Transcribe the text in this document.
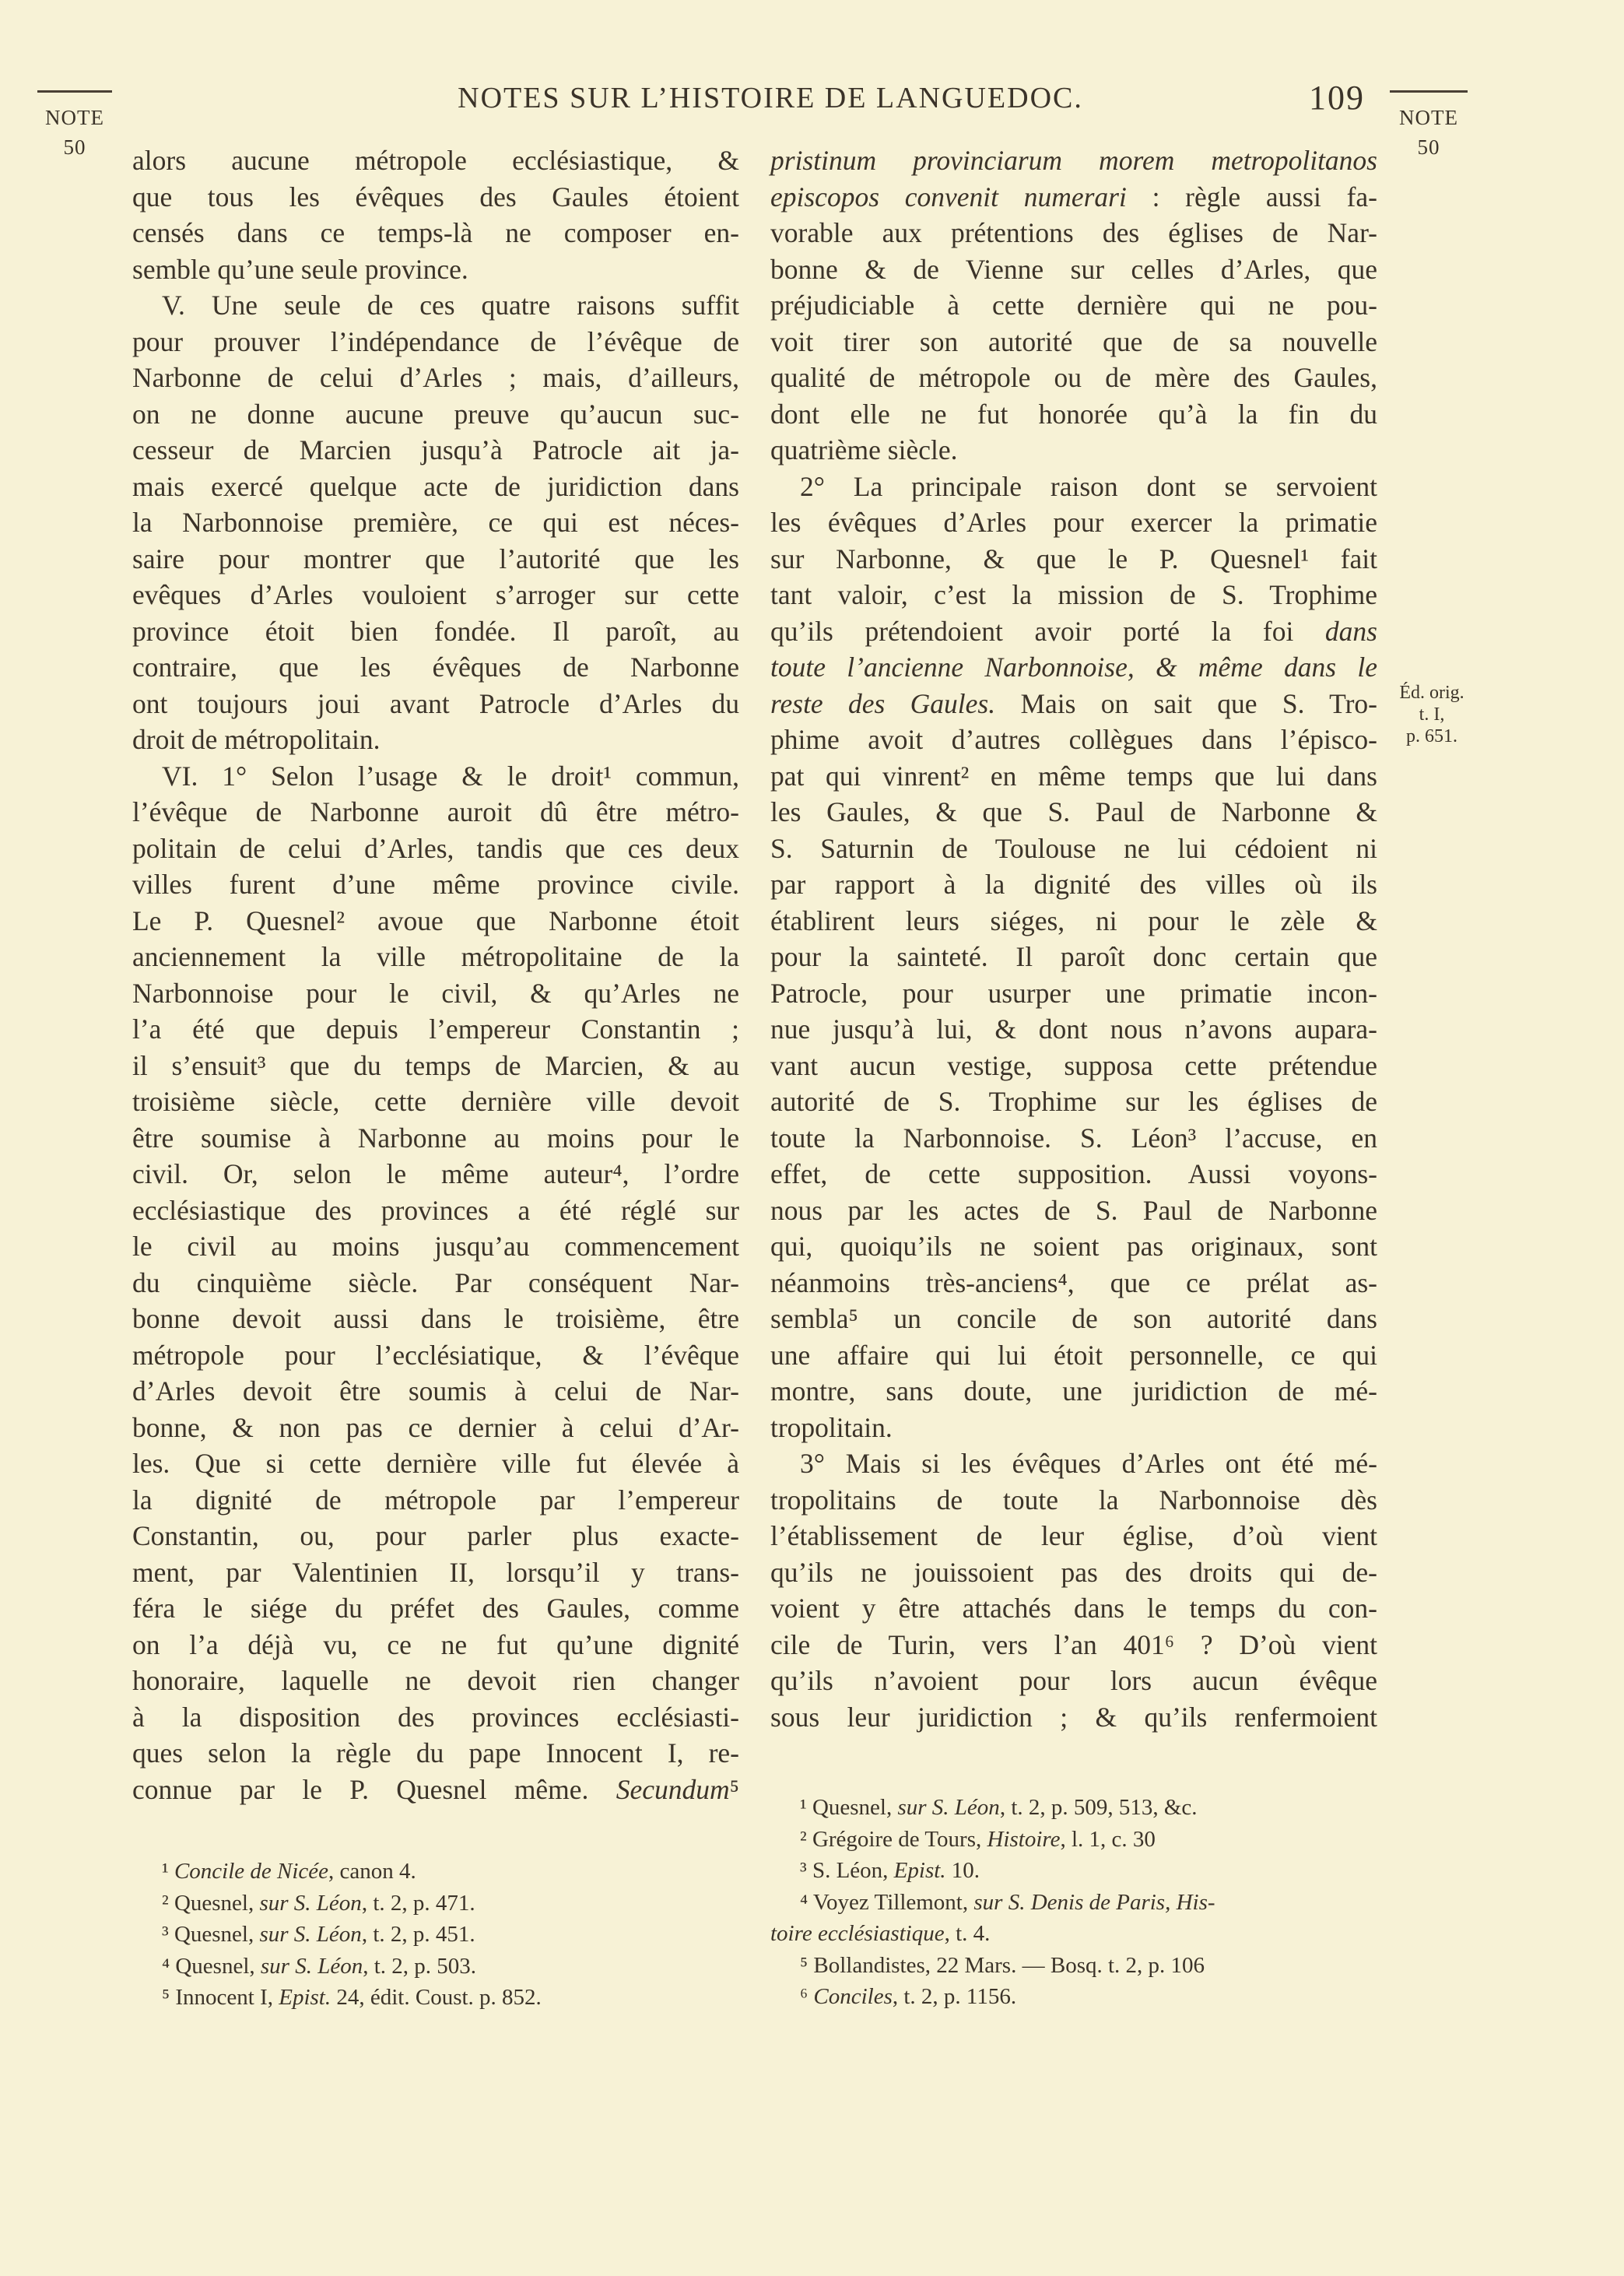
NOTE
50
NOTE
50
NOTES SUR L’HISTOIRE DE LANGUEDOC.	109
alors aucune métropole ecclésiastique, &
que tous les évêques des Gaules étoient
censés dans ce temps-là ne composer en-
semble qu’une seule province.
V. Une seule de ces quatre raisons suffit
pour prouver l’indépendance de l’évêque de
Narbonne de celui d’Arles ; mais, d’ailleurs,
on ne donne aucune preuve qu’aucun suc-
cesseur de Marcien jusqu’à Patrocle ait ja-
mais exercé quelque acte de juridiction dans
la Narbonnoise première, ce qui est néces-
saire pour montrer que l’autorité que les
evêques d’Arles vouloient s’arroger sur cette
province étoit bien fondée. Il paroît, au
contraire, que les évêques de Narbonne
ont toujours joui avant Patrocle d’Arles du
droit de métropolitain.
VI. 1° Selon l’usage & le droit¹ commun,
l’évêque de Narbonne auroit dû être métro-
politain de celui d’Arles, tandis que ces deux
villes furent d’une même province civile.
Le P. Quesnel² avoue que Narbonne étoit
anciennement la ville métropolitaine de la
Narbonnoise pour le civil, & qu’Arles ne
l’a été que depuis l’empereur Constantin ;
il s’ensuit³ que du temps de Marcien, & au
troisième siècle, cette dernière ville devoit
être soumise à Narbonne au moins pour le
civil. Or, selon le même auteur⁴, l’ordre
ecclésiastique des provinces a été réglé sur
le civil au moins jusqu’au commencement
du cinquième siècle. Par conséquent Nar-
bonne devoit aussi dans le troisième, être
métropole pour l’ecclésiatique, & l’évêque
d’Arles devoit être soumis à celui de Nar-
bonne, & non pas ce dernier à celui d’Ar-
les. Que si cette dernière ville fut élevée à
la dignité de métropole par l’empereur
Constantin, ou, pour parler plus exacte-
ment, par Valentinien II, lorsqu’il y trans-
féra le siége du préfet des Gaules, comme
on l’a déjà vu, ce ne fut qu’une dignité
honoraire, laquelle ne devoit rien changer
à la disposition des provinces ecclésiasti-
ques selon la règle du pape Innocent I, re-
connue par le P. Quesnel même. Secundum⁵
pristinum provinciarum morem metropolitanos
episcopos convenit numerari : règle aussi fa-
vorable aux prétentions des églises de Nar-
bonne & de Vienne sur celles d’Arles, que
préjudiciable à cette dernière qui ne pou-
voit tirer son autorité que de sa nouvelle
qualité de métropole ou de mère des Gaules,
dont elle ne fut honorée qu’à la fin du
quatrième siècle.
2° La principale raison dont se servoient
les évêques d’Arles pour exercer la primatie
sur Narbonne, & que le P. Quesnel¹ fait
tant valoir, c’est la mission de S. Trophime
qu’ils prétendoient avoir porté la foi dans
toute l’ancienne Narbonnoise, & même dans le
reste des Gaules. Mais on sait que S. Tro-
phime avoit d’autres collègues dans l’épisco-
pat qui vinrent² en même temps que lui dans
les Gaules, & que S. Paul de Narbonne &
S. Saturnin de Toulouse ne lui cédoient ni
par rapport à la dignité des villes où ils
établirent leurs siéges, ni pour le zèle &
pour la sainteté. Il paroît donc certain que
Patrocle, pour usurper une primatie incon-
nue jusqu’à lui, & dont nous n’avons aupara-
vant aucun vestige, supposa cette prétendue
autorité de S. Trophime sur les églises de
toute la Narbonnoise. S. Léon³ l’accuse, en
effet, de cette supposition. Aussi voyons-
nous par les actes de S. Paul de Narbonne
qui, quoiqu’ils ne soient pas originaux, sont
néanmoins très-anciens⁴, que ce prélat as-
sembla⁵ un concile de son autorité dans
une affaire qui lui étoit personnelle, ce qui
montre, sans doute, une juridiction de mé-
tropolitain.
3° Mais si les évêques d’Arles ont été mé-
tropolitains de toute la Narbonnoise dès
l’établissement de leur église, d’où vient
qu’ils ne jouissoient pas des droits qui de-
voient y être attachés dans le temps du con-
cile de Turin, vers l’an 401⁶ ? D’où vient
qu’ils n’avoient pour lors aucun évêque
sous leur juridiction ; & qu’ils renfermoient
Éd. orig.
t. I,
p. 651.
¹ Concile de Nicée, canon 4.
² Quesnel, sur S. Léon, t. 2, p. 471.
³ Quesnel, sur S. Léon, t. 2, p. 451.
⁴ Quesnel, sur S. Léon, t. 2, p. 503.
⁵ Innocent I, Epist. 24, édit. Coust. p. 852.
¹ Quesnel, sur S. Léon, t. 2, p. 509, 513, &c.
² Grégoire de Tours, Histoire, l. 1, c. 30
³ S. Léon, Epist. 10.
⁴ Voyez Tillemont, sur S. Denis de Paris, His-
toire ecclésiastique, t. 4.
⁵ Bollandistes, 22 Mars. — Bosq. t. 2, p. 106
⁶ Conciles, t. 2, p. 1156.
